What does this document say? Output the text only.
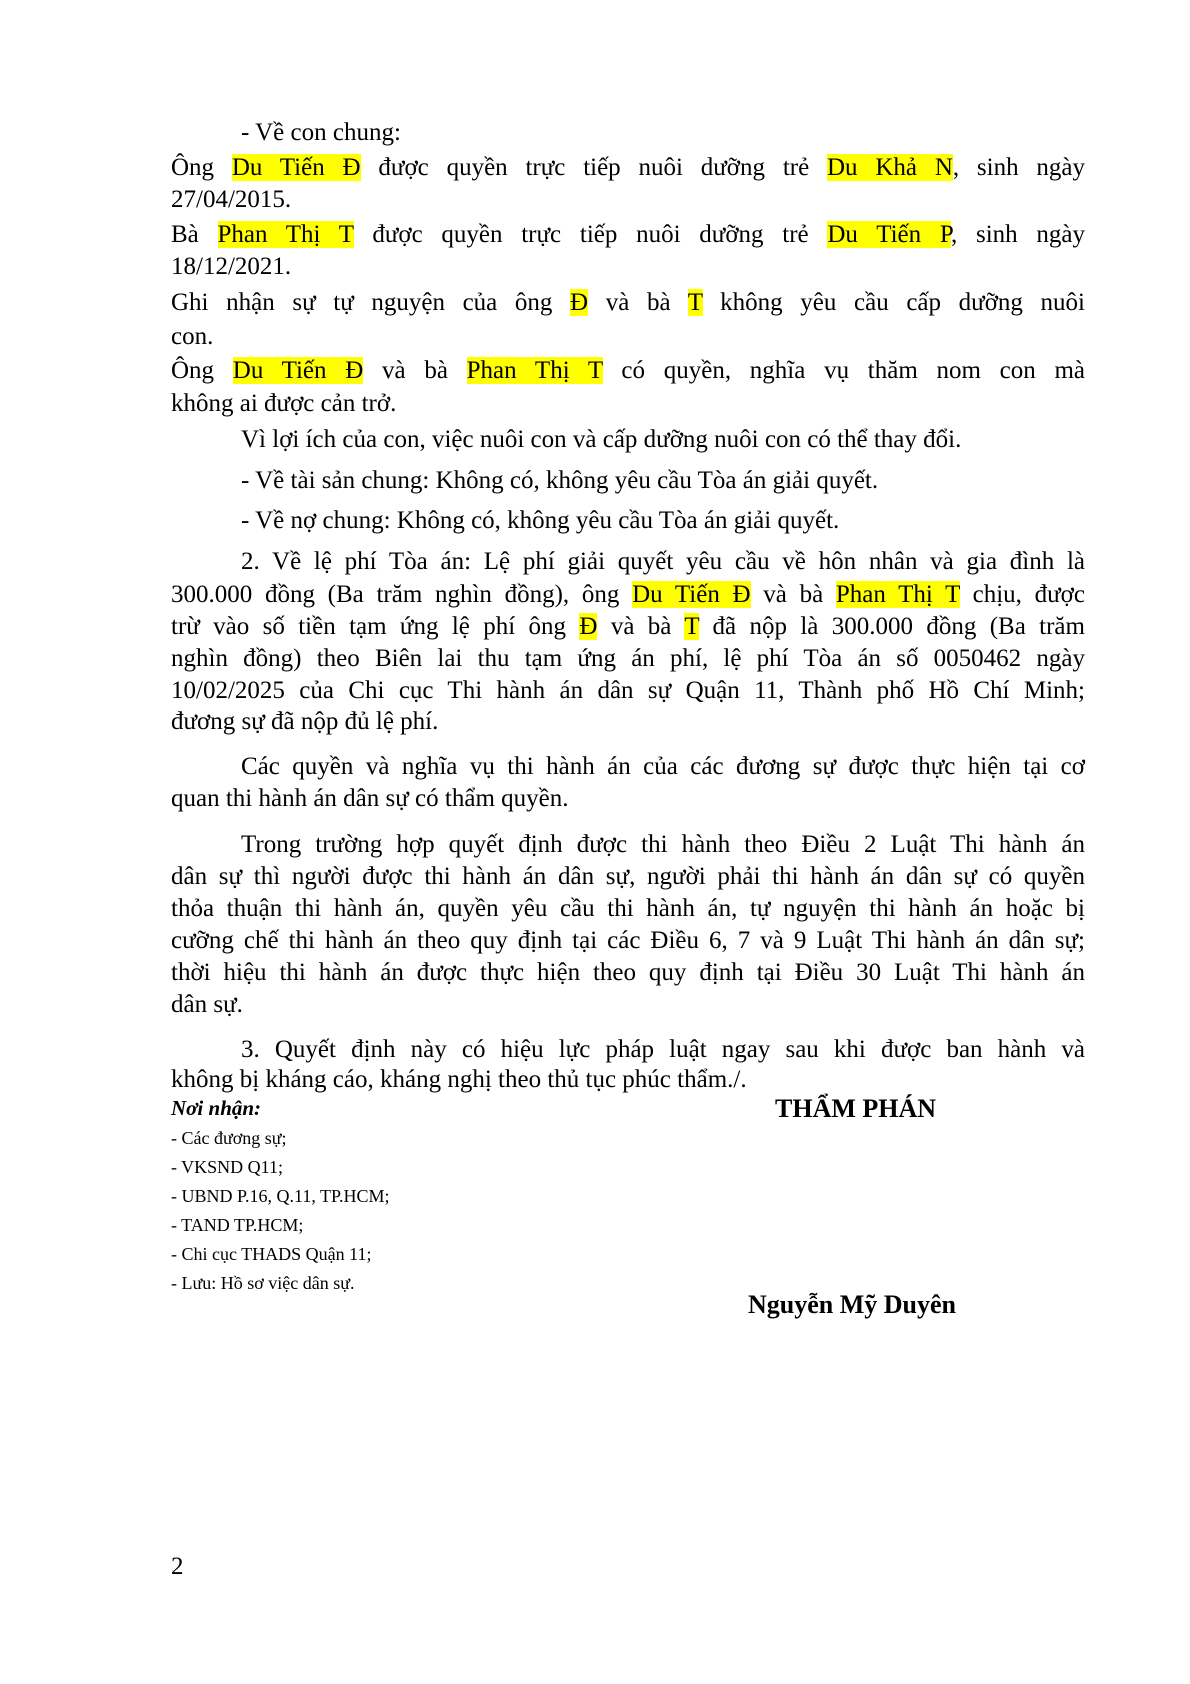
- Về con chung:
Ông Du Tiến Đ được quyền trực tiếp nuôi dưỡng trẻ Du Khả N, sinh ngày
27/04/2015.
Bà Phan Thị T được quyền trực tiếp nuôi dưỡng trẻ Du Tiến P, sinh ngày
18/12/2021.
Ghi nhận sự tự nguyện của ông Đ và bà T không yêu cầu cấp dưỡng nuôi
con.
Ông Du Tiến Đ và bà Phan Thị T có quyền, nghĩa vụ thăm nom con mà
không ai được cản trở.
Vì lợi ích của con, việc nuôi con và cấp dưỡng nuôi con có thể thay đổi.
- Về tài sản chung: Không có, không yêu cầu Tòa án giải quyết.
- Về nợ chung: Không có, không yêu cầu Tòa án giải quyết.
2. Về lệ phí Tòa án: Lệ phí giải quyết yêu cầu về hôn nhân và gia đình là
300.000 đồng (Ba trăm nghìn đồng), ông Du Tiến Đ và bà Phan Thị T chịu, được
trừ vào số tiền tạm ứng lệ phí ông Đ và bà T đã nộp là 300.000 đồng (Ba trăm
nghìn đồng) theo Biên lai thu tạm ứng án phí, lệ phí Tòa án số 0050462 ngày
10/02/2025 của Chi cục Thi hành án dân sự Quận 11, Thành phố Hồ Chí Minh;
đương sự đã nộp đủ lệ phí.
Các quyền và nghĩa vụ thi hành án của các đương sự được thực hiện tại cơ
quan thi hành án dân sự có thẩm quyền.
Trong trường hợp quyết định được thi hành theo Điều 2 Luật Thi hành án
dân sự thì người được thi hành án dân sự, người phải thi hành án dân sự có quyền
thỏa thuận thi hành án, quyền yêu cầu thi hành án, tự nguyện thi hành án hoặc bị
cưỡng chế thi hành án theo quy định tại các Điều 6, 7 và 9 Luật Thi hành án dân sự;
thời hiệu thi hành án được thực hiện theo quy định tại Điều 30 Luật Thi hành án
dân sự.
3. Quyết định này có hiệu lực pháp luật ngay sau khi được ban hành và
không bị kháng cáo, kháng nghị theo thủ tục phúc thẩm./.
Nơi nhận:
- Các đương sự;
- VKSND Q11;
- UBND P.16, Q.11, TP.HCM;
- TAND TP.HCM;
- Chi cục THADS Quận 11;
- Lưu: Hồ sơ việc dân sự.
THẨM PHÁN
Nguyễn Mỹ Duyên
2
